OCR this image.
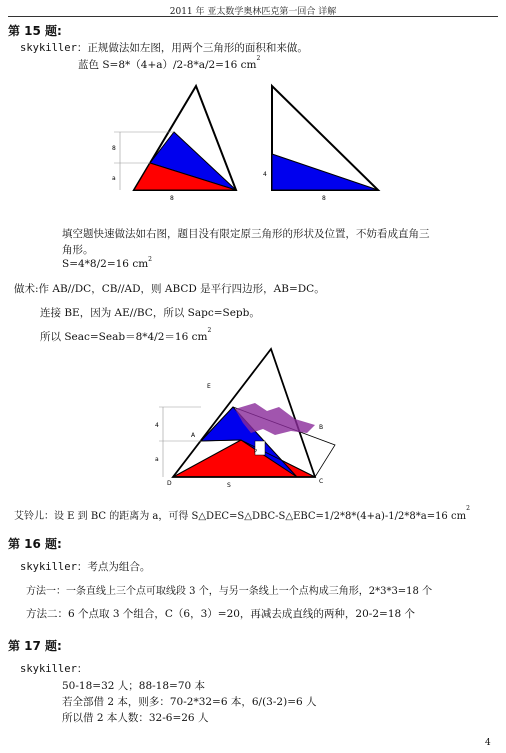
2011 年 亚太数学奥林匹克第一回合 详解
第 15 题:
skykiller：正规做法如左图，用两个三角形的面积和来做。
蓝色 S=8*（4+a）/2-8*a/2=16 $cm^2$
8
a
8
4
8
填空题快速做法如右图，题目没有限定原三角形的形状及位置，不妨看成直角三
角形。
S=4*8/2=16 $cm^2$
做术:作 AB//DC，CB//AD，则 ABCD 是平行四边形，AB=DC。
连接 BE，因为 AE//BC，所以 Sapc=Sepb。
所以 Seac=Seab＝8*4/2＝16 $cm^2$
E
A
B
C
D
P
S
4
a
艾铃儿：设 E 到 BC 的距离为 a，可得 S△DEC=S△DBC-S△EBC=1/2*8*(4+a)-1/2*8*a=16 $cm^2$
第 16 题:
skykiller：考点为组合。
方法一：一条直线上三个点可取线段 3 个，与另一条线上一个点构成三角形，2*3*3=18 个
方法二：6 个点取 3 个组合，C（6，3）=20，再减去成直线的两种，20-2=18 个
第 17 题:
skykiller：
50-18=32 人；88-18=70 本
若全部借 2 本，则多：70-2*32=6 本，6/(3-2)=6 人
所以借 2 本人数：32-6=26 人
4
